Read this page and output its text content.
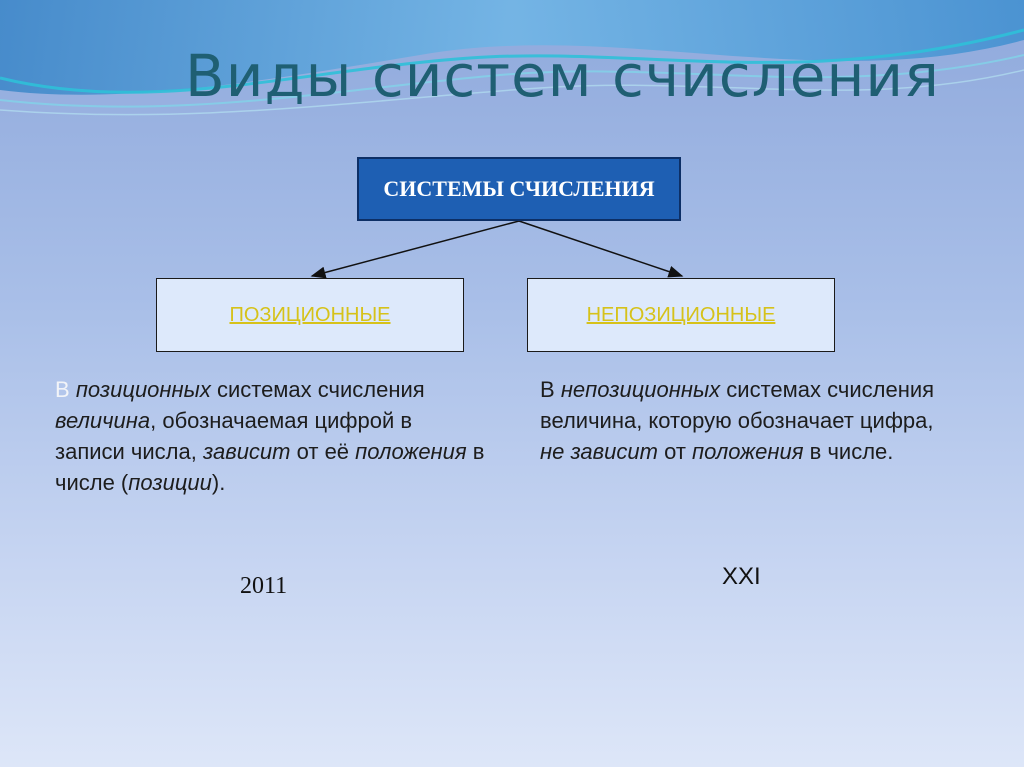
Виды систем счисления
СИСТЕМЫ СЧИСЛЕНИЯ
ПОЗИЦИОННЫЕ	НЕПОЗИЦИОННЫЕ
В позиционных системах счисления величина, обозначаемая цифрой в записи числа, зависит от её положения в числе (позиции).
В непозиционных системах счисления величина, которую обозначает цифра, не зависит от положения в числе.
2011	XXI
